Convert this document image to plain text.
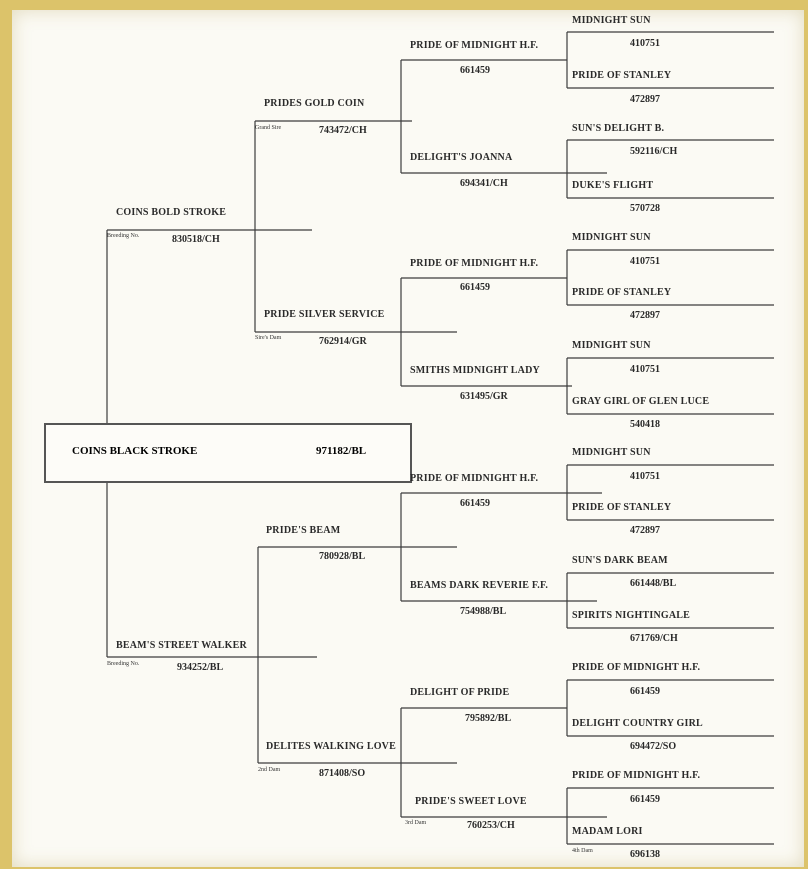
COINS BLACK STROKE	971182/BL
COINS BOLD STROKE
Breeding No.	830518/CH
BEAM'S STREET WALKER
Breeding No.	934252/BL
PRIDES GOLD COIN
Grand Sire	743472/CH
PRIDE SILVER SERVICE
Sire's Dam	762914/GR
PRIDE'S BEAM
780928/BL
DELITES WALKING LOVE
2nd Dam	871408/SO
PRIDE OF MIDNIGHT H.F.
661459
DELIGHT'S JOANNA
694341/CH
PRIDE OF MIDNIGHT H.F.
661459
SMITHS MIDNIGHT LADY
631495/GR
PRIDE OF MIDNIGHT H.F.
661459
BEAMS DARK REVERIE F.F.
754988/BL
DELIGHT OF PRIDE
795892/BL
PRIDE'S SWEET LOVE
3rd Dam	760253/CH
MIDNIGHT SUN
410751
PRIDE OF STANLEY
472897
SUN'S DELIGHT B.
592116/CH
DUKE'S FLIGHT
570728
MIDNIGHT SUN
410751
PRIDE OF STANLEY
472897
MIDNIGHT SUN
410751
GRAY GIRL OF GLEN LUCE
540418
MIDNIGHT SUN
410751
PRIDE OF STANLEY
472897
SUN'S DARK BEAM
661448/BL
SPIRITS NIGHTINGALE
671769/CH
PRIDE OF MIDNIGHT H.F.
661459
DELIGHT COUNTRY GIRL
694472/SO
PRIDE OF MIDNIGHT H.F.
661459
MADAM LORI
4th Dam	696138
